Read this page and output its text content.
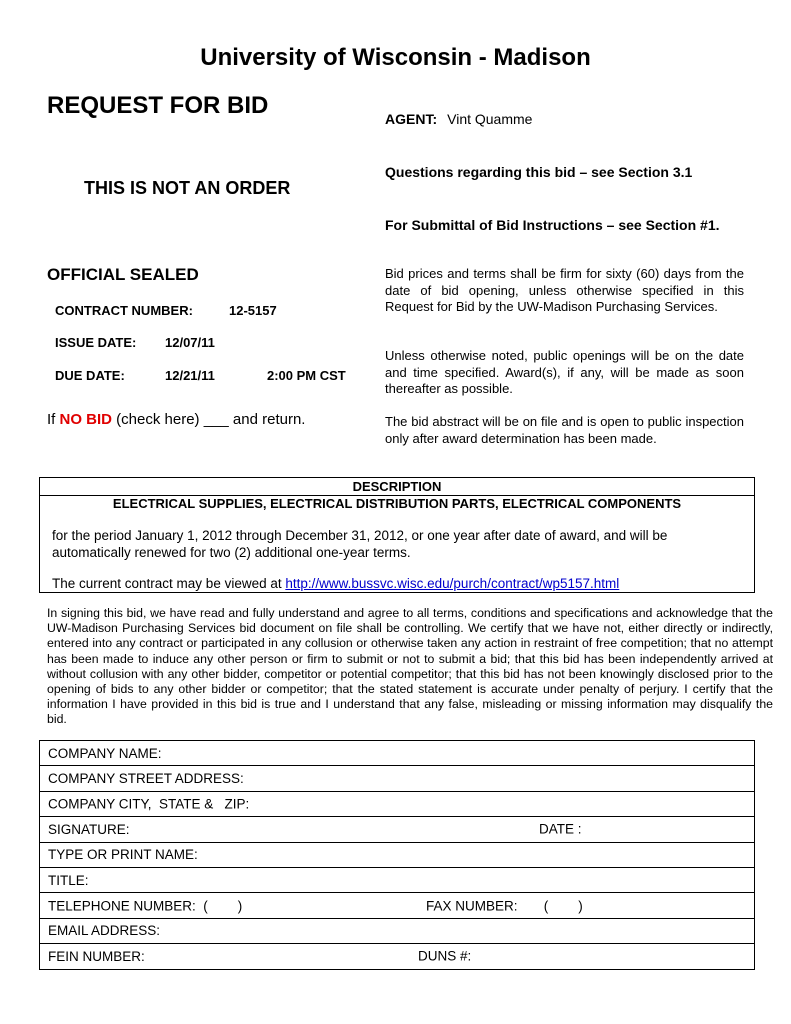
University of Wisconsin - Madison
REQUEST FOR BID
THIS IS NOT AN ORDER
AGENT: Vint Quamme
Questions regarding this bid – see Section 3.1
For Submittal of Bid Instructions – see Section #1.
OFFICIAL SEALED
CONTRACT NUMBER:	12-5157
ISSUE DATE: 12/07/11
DUE DATE:	12/21/11	2:00 PM CST
If NO BID (check here) ___ and return.
Bid prices and terms shall be firm for sixty (60) days from the date of bid opening, unless otherwise specified in this Request for Bid by the UW-Madison Purchasing Services.
Unless otherwise noted, public openings will be on the date and time specified. Award(s), if any, will be made as soon thereafter as possible.
The bid abstract will be on file and is open to public inspection only after award determination has been made.
DESCRIPTION
ELECTRICAL SUPPLIES, ELECTRICAL DISTRIBUTION PARTS, ELECTRICAL COMPONENTS
for the period January 1, 2012 through December 31, 2012, or one year after date of award, and will be automatically renewed for two (2) additional one-year terms.
The current contract may be viewed at http://www.bussvc.wisc.edu/purch/contract/wp5157.html
In signing this bid, we have read and fully understand and agree to all terms, conditions and specifications and acknowledge that the UW-Madison Purchasing Services bid document on file shall be controlling. We certify that we have not, either directly or indirectly, entered into any contract or participated in any collusion or otherwise taken any action in restraint of free competition; that no attempt has been made to induce any other person or firm to submit or not to submit a bid; that this bid has been independently arrived at without collusion with any other bidder, competitor or potential competitor; that this bid has not been knowingly disclosed prior to the opening of bids to any other bidder or competitor; that the stated statement is accurate under penalty of perjury. I certify that the information I have provided in this bid is true and I understand that any false, misleading or missing information may disqualify the bid.
COMPANY NAME:
COMPANY STREET ADDRESS:

COMPANY CITY,  STATE &   ZIP:

SIGNATURE:	DATE :

TYPE OR PRINT NAME:
TITLE:

TELEPHONE NUMBER:  (        )	FAX NUMBER:       (        )

EMAIL ADDRESS:
FEIN NUMBER:	DUNS #:
